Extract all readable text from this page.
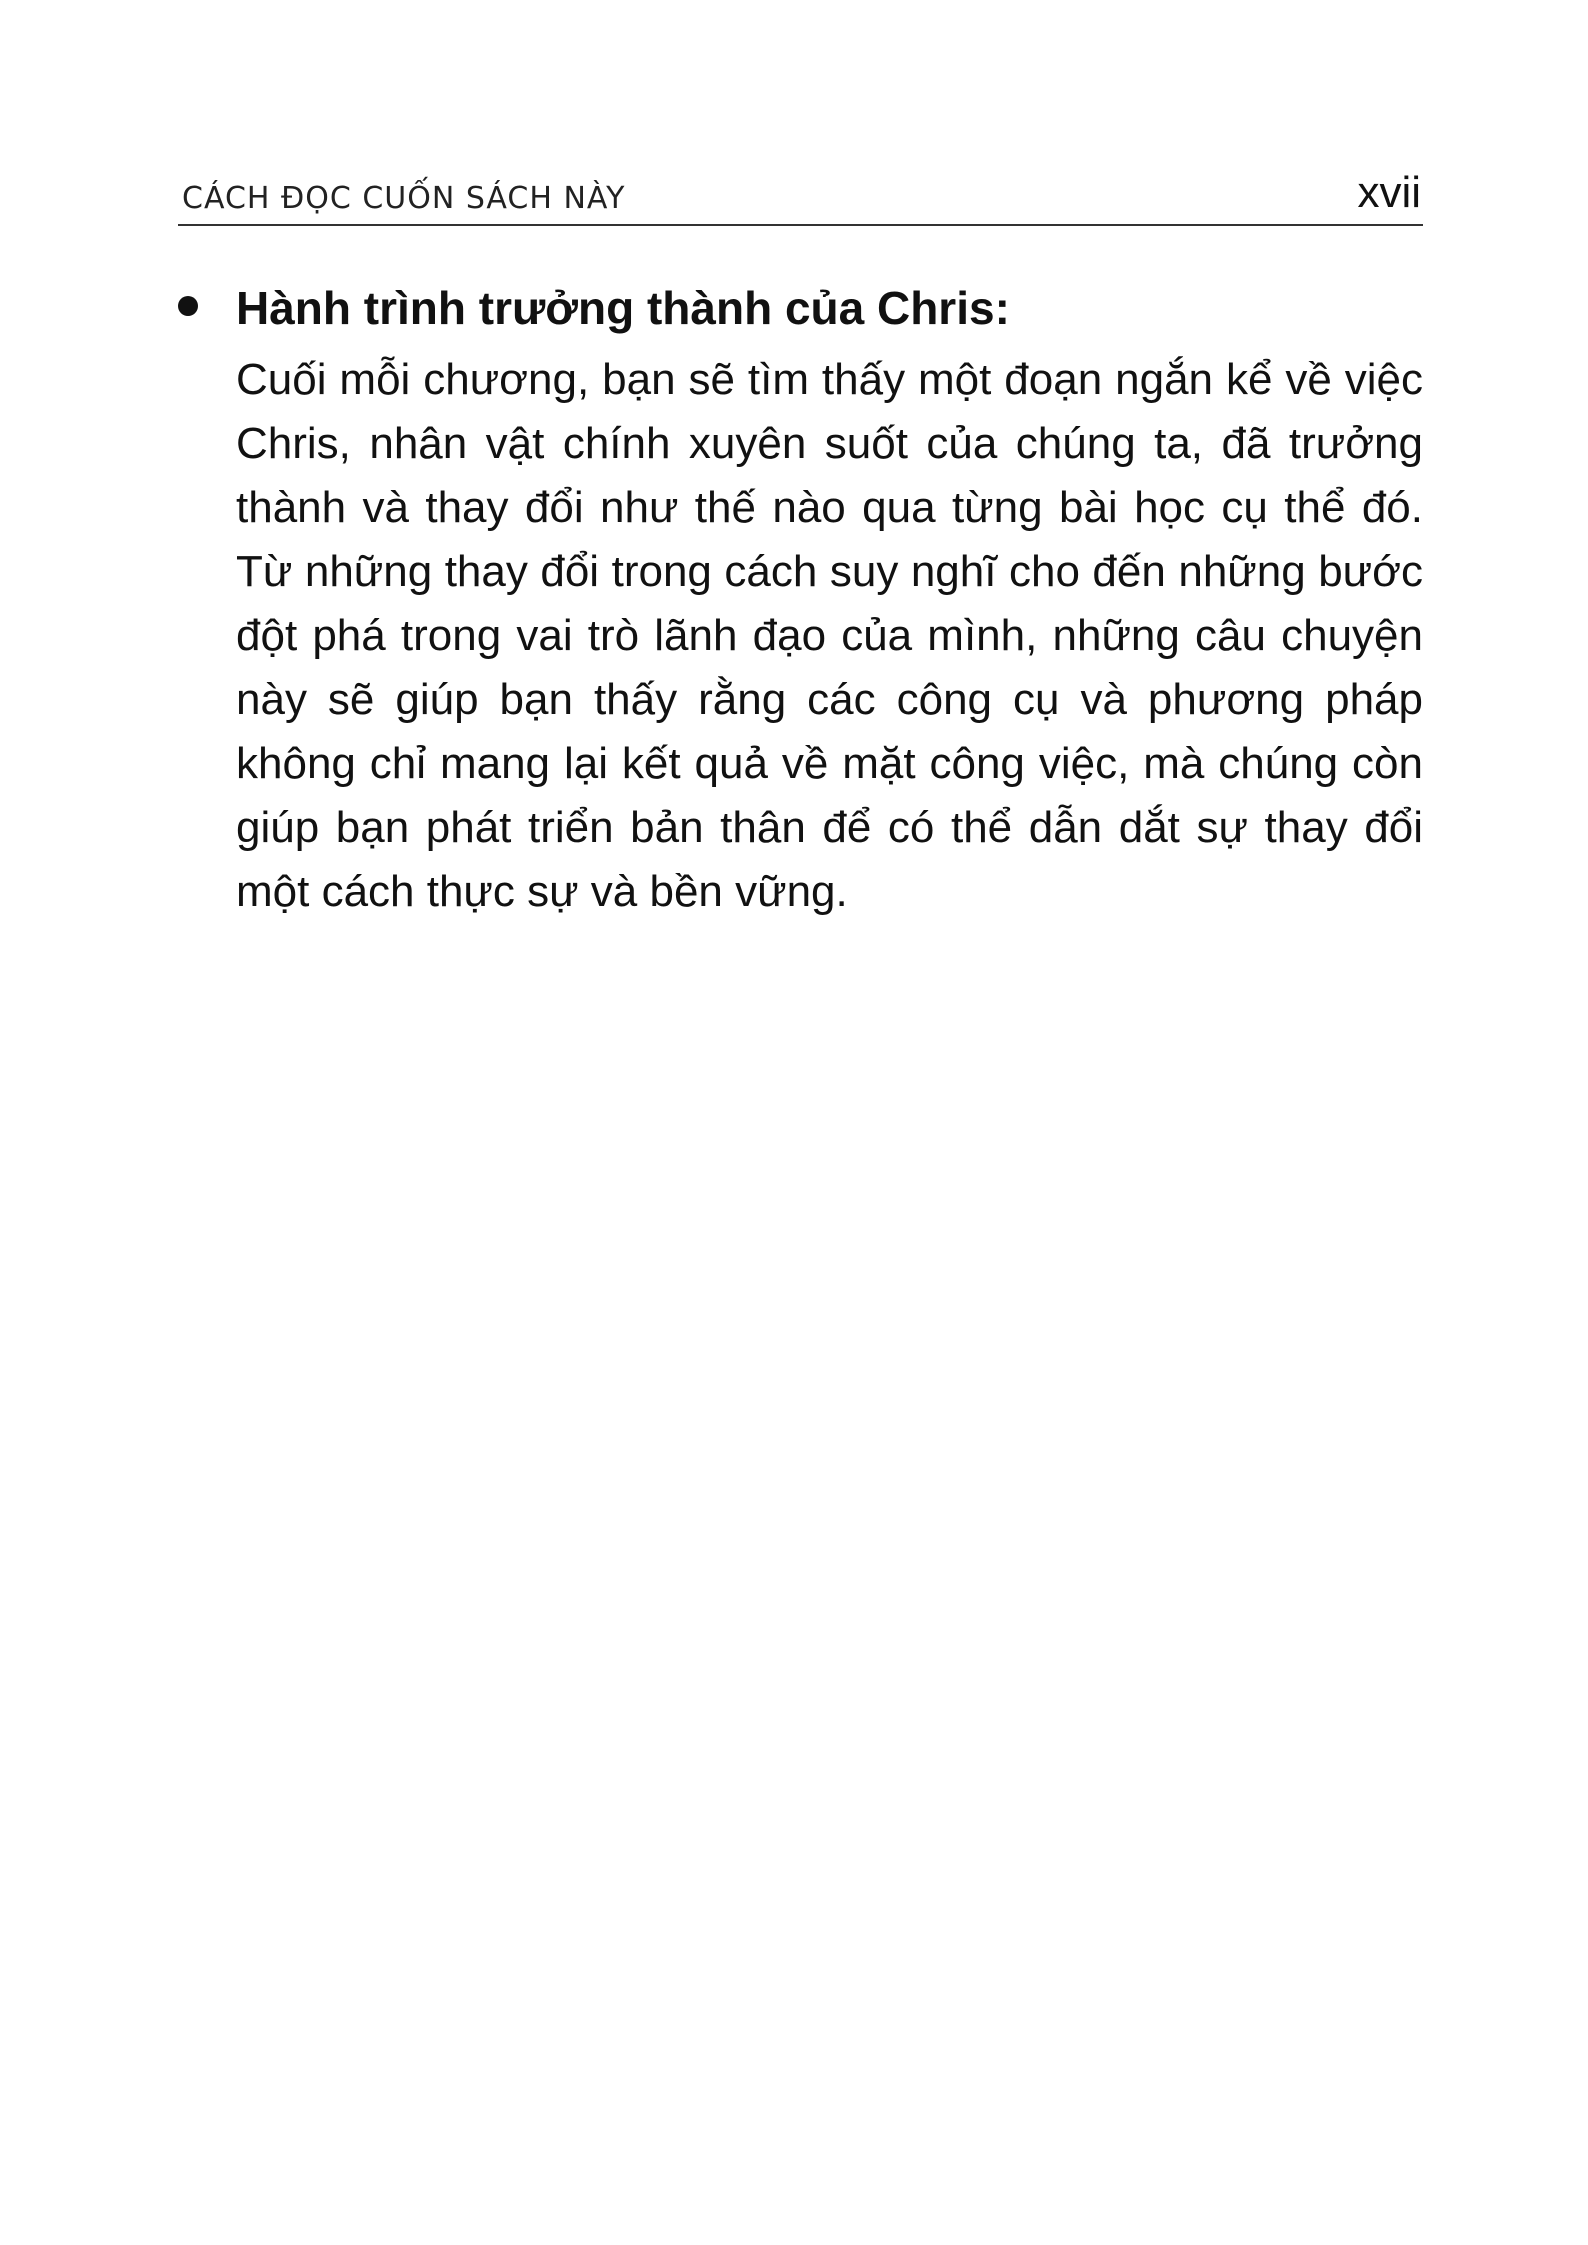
CÁCH ĐỌC CUỐN SÁCH NÀY	xvii
Hành trình trưởng thành của Chris:

Cuối mỗi chương, bạn sẽ tìm thấy một đoạn ngắn kể về việc Chris, nhân vật chính xuyên suốt của chúng ta, đã trưởng thành và thay đổi như thế nào qua từng bài học cụ thể đó. Từ những thay đổi trong cách suy nghĩ cho đến những bước đột phá trong vai trò lãnh đạo của mình, những câu chuyện này sẽ giúp bạn thấy rằng các công cụ và phương pháp không chỉ mang lại kết quả về mặt công việc, mà chúng còn giúp bạn phát triển bản thân để có thể dẫn dắt sự thay đổi một cách thực sự và bền vững.
